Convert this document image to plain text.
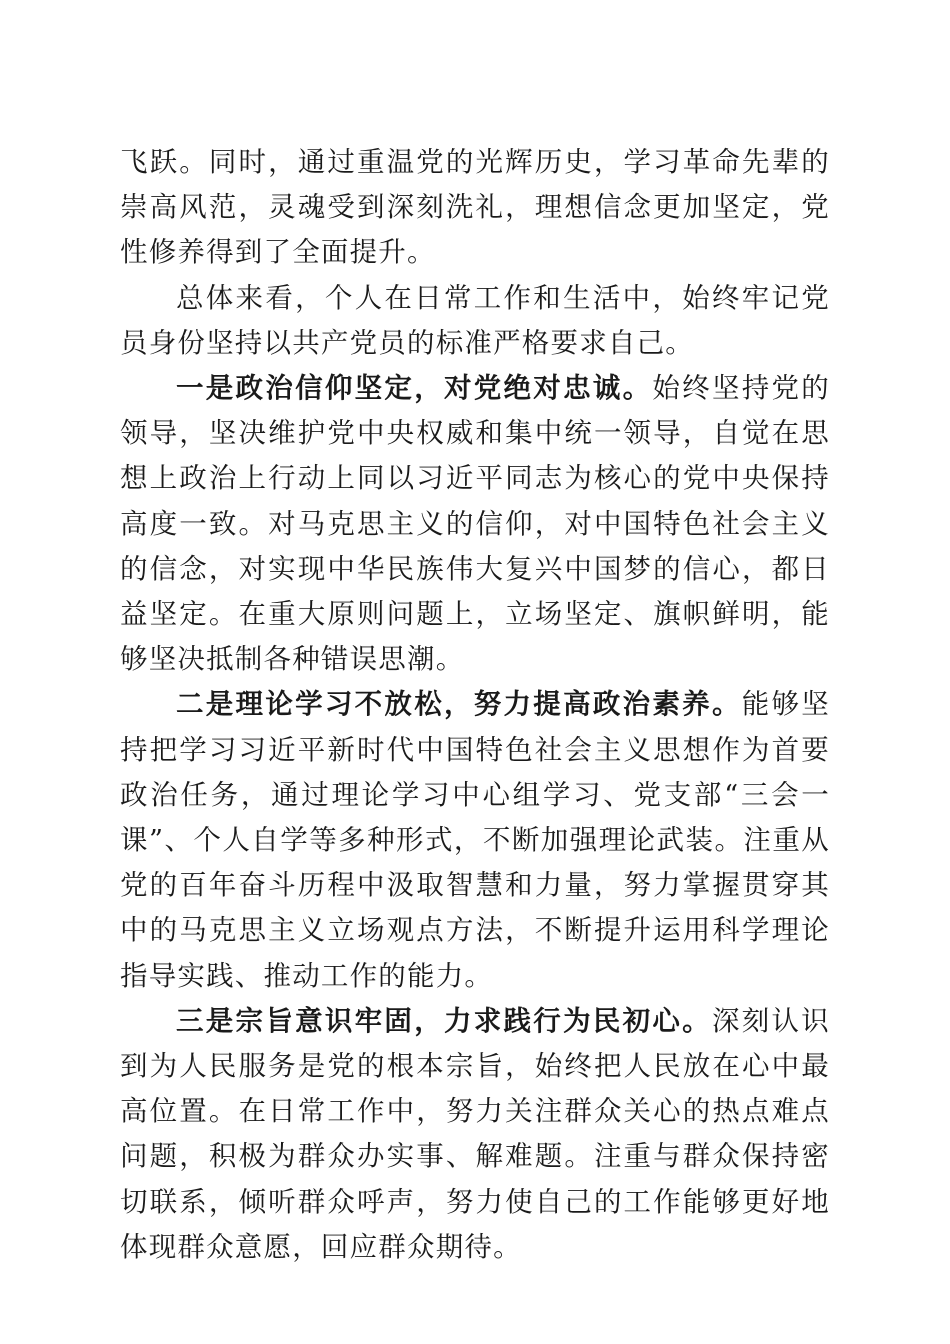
飞跃。同时，通过重温党的光辉历史，学习革命先辈的崇高风范，灵魂受到深刻洗礼，理想信念更加坚定，党性修养得到了全面提升。

总体来看，个人在日常工作和生活中，始终牢记党员身份坚持以共产党员的标准严格要求自己。

一是政治信仰坚定，对党绝对忠诚。始终坚持党的领导，坚决维护党中央权威和集中统一领导，自觉在思想上政治上行动上同以习近平同志为核心的党中央保持高度一致。对马克思主义的信仰，对中国特色社会主义的信念，对实现中华民族伟大复兴中国梦的信心，都日益坚定。在重大原则问题上，立场坚定、旗帜鲜明，能够坚决抵制各种错误思潮。

二是理论学习不放松，努力提高政治素养。能够坚持把学习习近平新时代中国特色社会主义思想作为首要政治任务，通过理论学习中心组学习、党支部“三会一课”、个人自学等多种形式，不断加强理论武装。注重从党的百年奋斗历程中汲取智慧和力量，努力掌握贯穿其中的马克思主义立场观点方法，不断提升运用科学理论指导实践、推动工作的能力。

三是宗旨意识牢固，力求践行为民初心。深刻认识到为人民服务是党的根本宗旨，始终把人民放在心中最高位置。在日常工作中，努力关注群众关心的热点难点问题，积极为群众办实事、解难题。注重与群众保持密切联系，倾听群众呼声，努力使自己的工作能够更好地体现群众意愿，回应群众期待。
